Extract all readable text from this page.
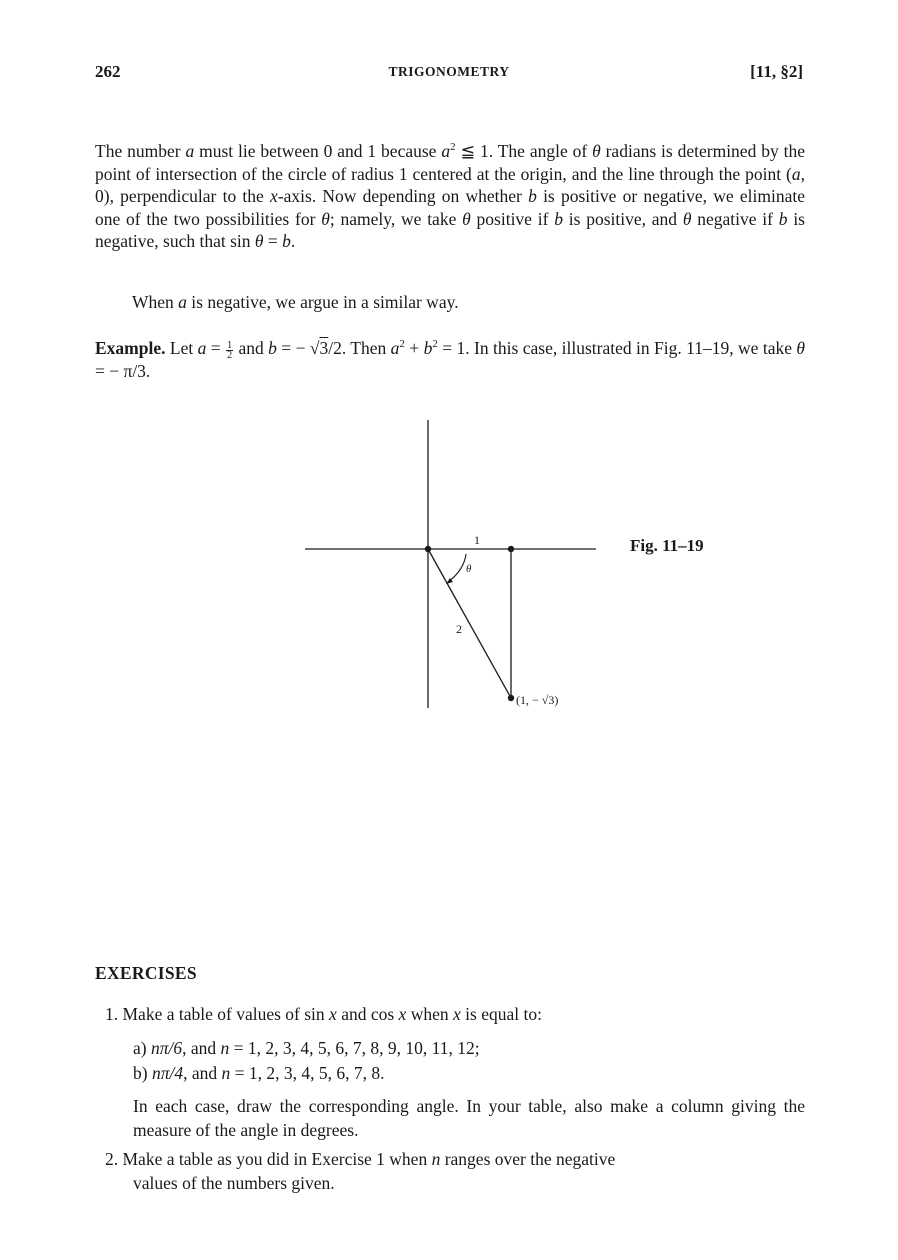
262	TRIGONOMETRY	[11, §2]
The number a must lie between 0 and 1 because $a^2$ ≦ 1. The angle of θ radians is determined by the point of intersection of the circle of radius 1 centered at the origin, and the line through the point (a, 0), perpendicular to the x-axis. Now depending on whether b is positive or negative, we eliminate one of the two possibilities for θ; namely, we take θ positive if b is positive, and θ negative if b is negative, such that sin θ = b.
When a is negative, we argue in a similar way.
Example. Let $a = \frac{1}{2}$ and b = − √3/2. Then $a^2 + b^2 = 1$. In this case, illustrated in Fig. 11–19, we take θ = − π/3.
1
θ
2
(1, − √3)
Fig. 11–19
EXERCISES
1. Make a table of values of sin x and cos x when x is equal to:
a) nπ/6, and n = 1, 2, 3, 4, 5, 6, 7, 8, 9, 10, 11, 12;
b) nπ/4, and n = 1, 2, 3, 4, 5, 6, 7, 8.
In each case, draw the corresponding angle. In your table, also make a column giving the measure of the angle in degrees.
2. Make a table as you did in Exercise 1 when n ranges over the negative
values of the numbers given.
